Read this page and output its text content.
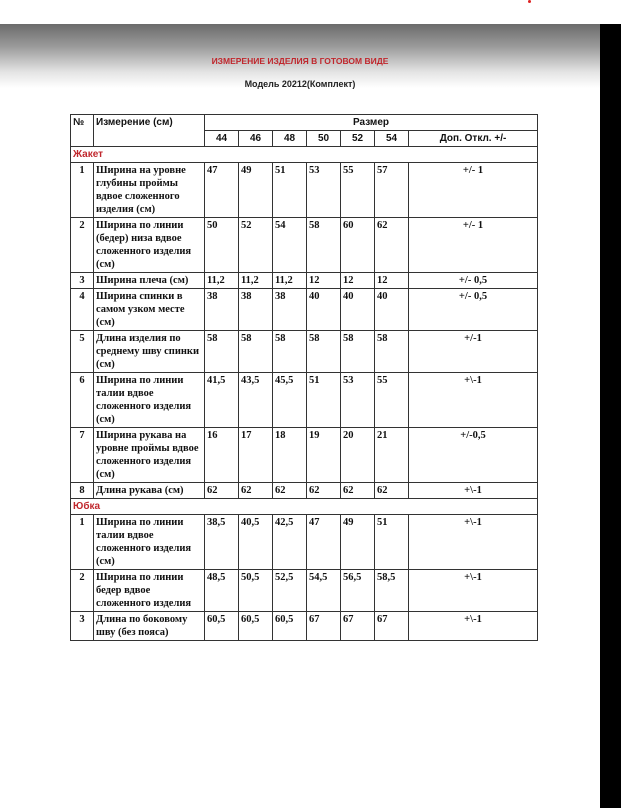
ИЗМЕРЕНИЕ ИЗДЕЛИЯ В ГОТОВОМ ВИДЕ
Модель 20212(Комплект)
№	Измерение (см)	Размер						
		44	46	48	50	52	54	Доп. Откл. +/-
Жакет								
1	Ширина на уровне глубины проймы вдвое сложенного изделия (см)	47	49	51	53	55	57	+/- 1
2	Ширина по линии (бедер) низа вдвое сложенного изделия (см)	50	52	54	58	60	62	+/- 1
3	Ширина плеча (см)	11,2	11,2	11,2	12	12	12	+/- 0,5
4	Ширина спинки в самом узком месте (см)	38	38	38	40	40	40	+/- 0,5
5	Длина изделия по среднему шву спинки (см)	58	58	58	58	58	58	+/-1
6	Ширина по линии талии вдвое сложенного изделия (см)	41,5	43,5	45,5	51	53	55	+\-1
7	Ширина рукава на уровне проймы вдвое сложенного изделия (см)	16	17	18	19	20	21	+/-0,5
8	Длина рукава (см)	62	62	62	62	62	62	+\-1
Юбка								
1	Ширина по линии талии вдвое сложенного изделия (см)	38,5	40,5	42,5	47	49	51	+\-1
2	Ширина по линии бедер вдвое сложенного изделия	48,5	50,5	52,5	54,5	56,5	58,5	+\-1
3	Длина по боковому шву (без пояса)	60,5	60,5	60,5	67	67	67	+\-1
